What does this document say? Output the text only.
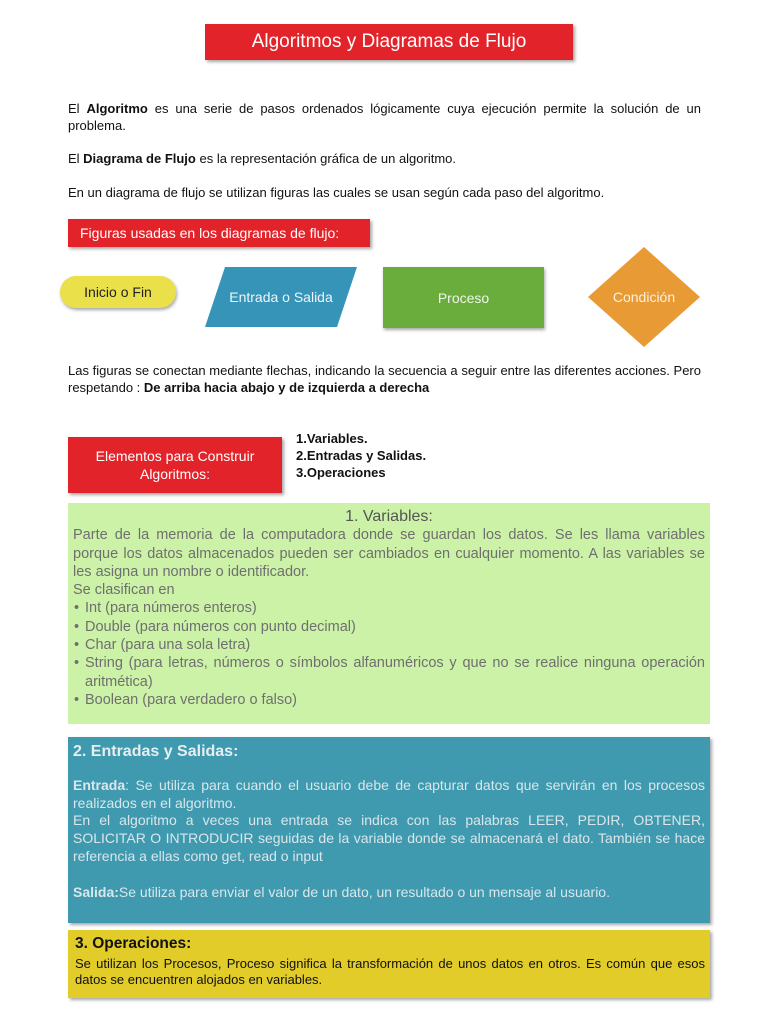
Algoritmos y Diagramas de Flujo
El Algoritmo es una serie de pasos ordenados lógicamente cuya ejecución permite la solución de un problema.
El Diagrama de Flujo es la representación gráfica de un algoritmo.
En un diagrama de flujo se utilizan figuras las cuales se usan según cada paso del algoritmo.
Figuras usadas en los diagramas de flujo:
Inicio o Fin	Entrada o Salida	Proceso	Condición
Las figuras se conectan mediante flechas, indicando la secuencia a seguir entre las diferentes acciones. Pero respetando : De arriba hacia abajo y de izquierda a derecha
Elementos para Construir Algoritmos:
1.Variables.
2.Entradas y Salidas.
3.Operaciones
1. Variables:
Parte de la memoria de la computadora donde se guardan los datos. Se les llama variables porque los datos almacenados pueden ser cambiados en cualquier momento. A las variables se les asigna un nombre o identificador.
Se clasifican en
• Int (para números enteros)
• Double (para números con punto decimal)
• Char (para una sola letra)
• String (para letras, números o símbolos alfanuméricos y que no se realice ninguna operación aritmética)
• Boolean (para verdadero o falso)
2. Entradas y Salidas:
Entrada: Se utiliza para cuando el usuario debe de capturar datos que servirán en los procesos realizados en el algoritmo.
En el algoritmo a veces una entrada se indica con las palabras LEER, PEDIR, OBTENER, SOLICITAR O INTRODUCIR seguidas de la variable donde se almacenará el dato. También se hace referencia a ellas como get, read o input
Salida:Se utiliza para enviar el valor de un dato, un resultado o un mensaje al usuario.
3. Operaciones:
Se utilizan los Procesos, Proceso significa la transformación de unos datos en otros. Es común que esos datos se encuentren alojados en variables.
